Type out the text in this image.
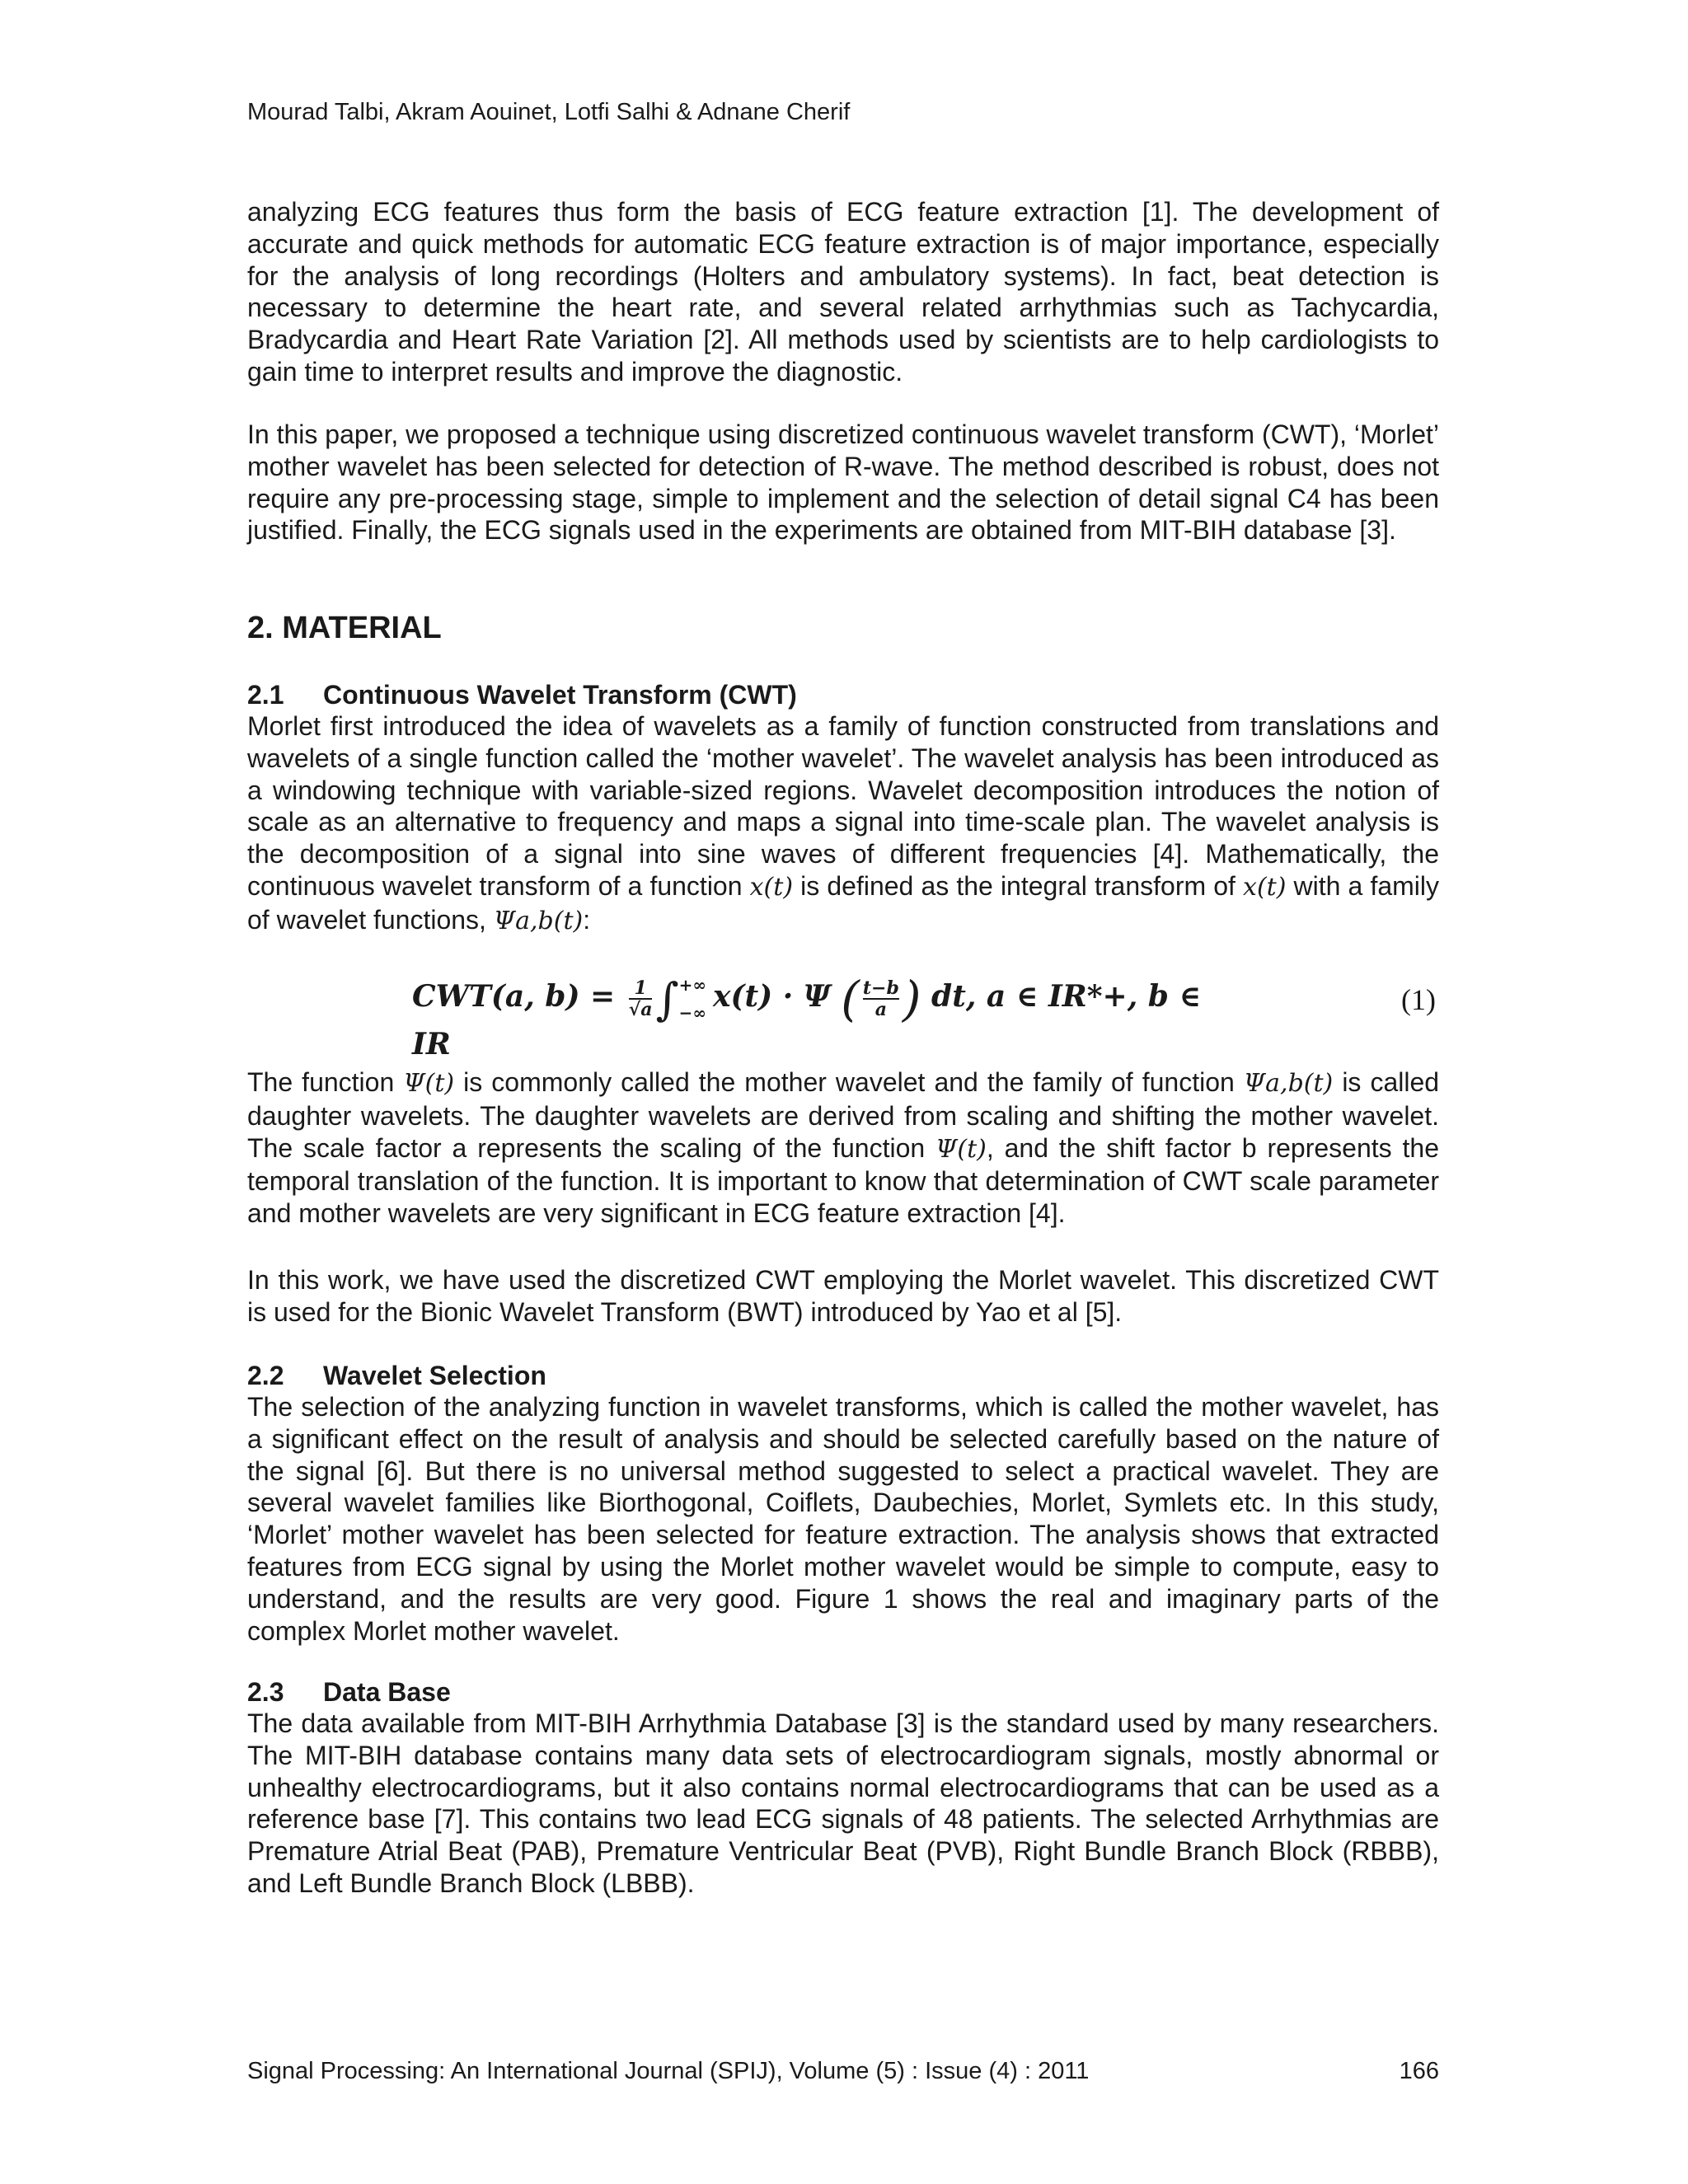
Mourad Talbi, Akram Aouinet, Lotfi Salhi & Adnane Cherif

analyzing ECG features thus form the basis of ECG feature extraction [1]. The development of accurate and quick methods for automatic ECG feature extraction is of major importance, especially for the analysis of long recordings (Holters and ambulatory systems). In fact, beat detection is necessary to determine the heart rate, and several related arrhythmias such as Tachycardia, Bradycardia and Heart Rate Variation [2]. All methods used by scientists are to help cardiologists to gain time to interpret results and improve the diagnostic.

In this paper, we proposed a technique using discretized continuous wavelet transform (CWT), ‘Morlet’ mother wavelet has been selected for detection of R-wave. The method described is robust, does not require any pre-processing stage, simple to implement and the selection of detail signal C4 has been justified. Finally, the ECG signals used in the experiments are obtained from MIT-BIH database [3].

2. MATERIAL
2.1 Continuous Wavelet Transform (CWT)

Morlet first introduced the idea of wavelets as a family of function constructed from translations and wavelets of a single function called the ‘mother wavelet’. The wavelet analysis has been introduced as a windowing technique with variable-sized regions. Wavelet decomposition introduces the notion of scale as an alternative to frequency and maps a signal into time-scale plan. The wavelet analysis is the decomposition of a signal into sine waves of different frequencies [4]. Mathematically, the continuous wavelet transform of a function x(t) is defined as the integral transform of x(t) with a family of wavelet functions, Ψa,b(t):

CWT(a, $b) = \frac{1}{√a}$ ∫ +∞
−∞ x(t) · Ψ ( $\frac{t-b}{a}$ ) dt, a ∈ IR*+, b ∈ IR
(1)

The function Ψ(t) is commonly called the mother wavelet and the family of function Ψa,b(t) is called daughter wavelets. The daughter wavelets are derived from scaling and shifting the mother wavelet. The scale factor a represents the scaling of the function Ψ(t), and the shift factor b represents the temporal translation of the function. It is important to know that determination of CWT scale parameter and mother wavelets are very significant in ECG feature extraction [4].

In this work, we have used the discretized CWT employing the Morlet wavelet. This discretized CWT is used for the Bionic Wavelet Transform (BWT) introduced by Yao et al [5].

2.2 Wavelet Selection

The selection of the analyzing function in wavelet transforms, which is called the mother wavelet, has a significant effect on the result of analysis and should be selected carefully based on the nature of the signal [6]. But there is no universal method suggested to select a practical wavelet. They are several wavelet families like Biorthogonal, Coiflets, Daubechies, Morlet, Symlets etc. In this study, ‘Morlet’ mother wavelet has been selected for feature extraction. The analysis shows that extracted features from ECG signal by using the Morlet mother wavelet would be simple to compute, easy to understand, and the results are very good. Figure 1 shows the real and imaginary parts of the complex Morlet mother wavelet.

2.3 Data Base

The data available from MIT-BIH Arrhythmia Database [3] is the standard used by many researchers. The MIT-BIH database contains many data sets of electrocardiogram signals, mostly abnormal or unhealthy electrocardiograms, but it also contains normal electrocardiograms that can be used as a reference base [7]. This contains two lead ECG signals of 48 patients. The selected Arrhythmias are Premature Atrial Beat (PAB), Premature Ventricular Beat (PVB), Right Bundle Branch Block (RBBB), and Left Bundle Branch Block (LBBB).

Signal Processing: An International Journal (SPIJ), Volume (5) : Issue (4) : 2011	166
